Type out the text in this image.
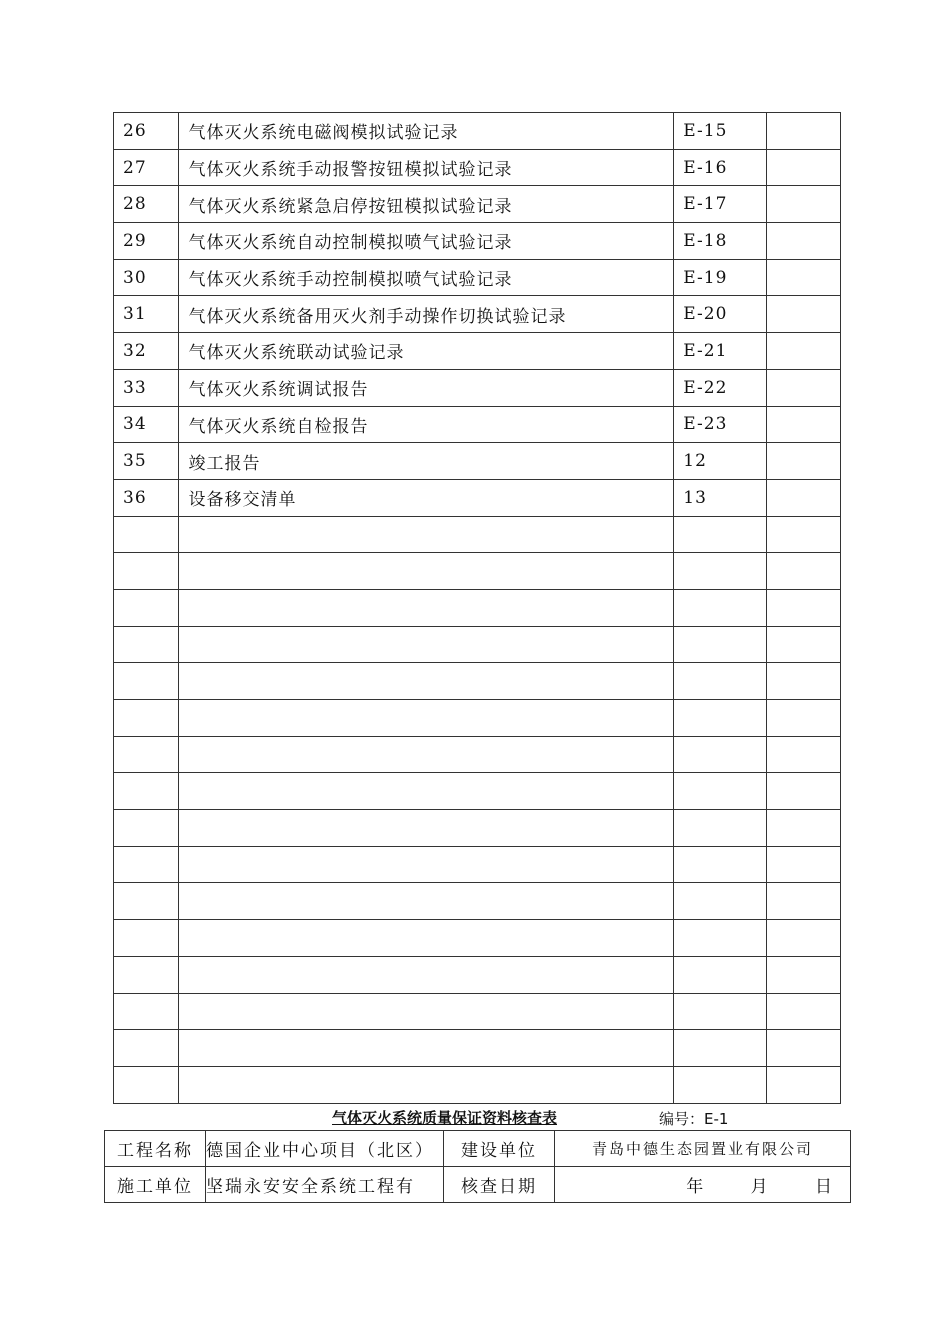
26	气体灭火系统电磁阀模拟试验记录	E-15	
27	气体灭火系统手动报警按钮模拟试验记录	E-16	
28	气体灭火系统紧急启停按钮模拟试验记录	E-17	
29	气体灭火系统自动控制模拟喷气试验记录	E-18	
30	气体灭火系统手动控制模拟喷气试验记录	E-19	
31	气体灭火系统备用灭火剂手动操作切换试验记录	E-20	
32	气体灭火系统联动试验记录	E-21	
33	气体灭火系统调试报告	E-22	
34	气体灭火系统自检报告	E-23	
35	竣工报告	12	
36	设备移交清单	13	

气体灭火系统质量保证资料核查表	编号：E-1
工程名称	德国企业中心项目（北区）	建设单位	青岛中德生态园置业有限公司
施工单位	坚瑞永安安全系统工程有	核查日期	年 月 日
